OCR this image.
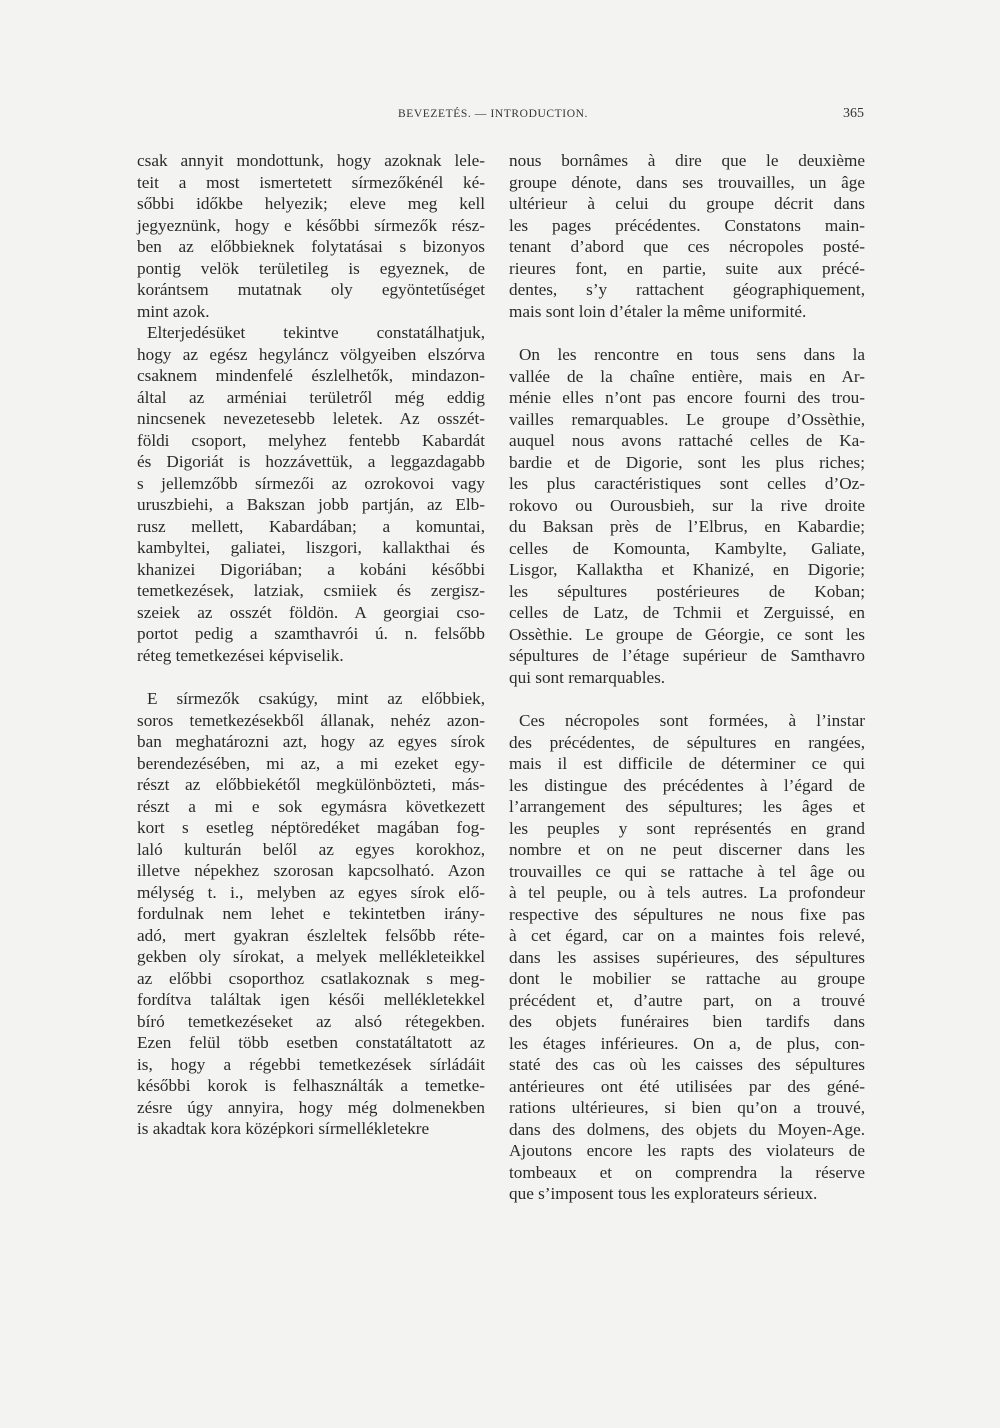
BEVEZETÉS. — INTRODUCTION.	365
csak annyit mondottunk, hogy azoknak lele-
teit a most ismertetett sírmezőkénél ké-
sőbbi időkbe helyezik; eleve meg kell
jegyeznünk, hogy e későbbi sírmezők rész-
ben az előbbieknek folytatásai s bizonyos
pontig velök területileg is egyeznek, de
korántsem mutatnak oly egyöntetűséget
mint azok.
Elterjedésüket tekintve constatálhatjuk,
hogy az egész hegyláncz völgyeiben elszórva
csaknem mindenfelé észlelhetők, mindazon-
által az arméniai területről még eddig
nincsenek nevezetesebb leletek. Az osszét-
földi csoport, melyhez fentebb Kabardát
és Digoriát is hozzávettük, a leggazdagabb
s jellemzőbb sírmezői az ozrokovoi vagy
uruszbiehi, a Bakszan jobb partján, az Elb-
rusz mellett, Kabardában; a komuntai,
kambyltei, galiatei, liszgori, kallakthai és
khanizei Digoriában; a kobáni későbbi
temetkezések, latziak, csmiiek és zergisz-
szeiek az osszét földön. A georgiai cso-
portot pedig a szamthavrói ú. n. felsőbb
réteg temetkezései képviselik.
E sírmezők csakúgy, mint az előbbiek,
soros temetkezésekből állanak, nehéz azon-
ban meghatározni azt, hogy az egyes sírok
berendezésében, mi az, a mi ezeket egy-
részt az előbbiekétől megkülönbözteti, más-
részt a mi e sok egymásra következett
kort s esetleg néptöredéket magában fog-
laló kulturán belől az egyes korokhoz,
illetve népekhez szorosan kapcsolható. Azon
mélység t. i., melyben az egyes sírok elő-
fordulnak nem lehet e tekintetben irány-
adó, mert gyakran észleltek felsőbb réte-
gekben oly sírokat, a melyek mellékleteikkel
az előbbi csoporthoz csatlakoznak s meg-
fordítva találtak igen késői mellékletekkel
bíró temetkezéseket az alsó rétegekben.
Ezen felül több esetben constatáltatott az
is, hogy a régebbi temetkezések sírládáit
későbbi korok is felhasználták a temetke-
zésre úgy annyira, hogy még dolmenekben
is akadtak kora középkori sírmellékletekre
nous bornâmes à dire que le deuxième
groupe dénote, dans ses trouvailles, un âge
ultérieur à celui du groupe décrit dans
les pages précédentes. Constatons main-
tenant d’abord que ces nécropoles posté-
rieures font, en partie, suite aux précé-
dentes, s’y rattachent géographiquement,
mais sont loin d’étaler la même uniformité.
On les rencontre en tous sens dans la
vallée de la chaîne entière, mais en Ar-
ménie elles n’ont pas encore fourni des trou-
vailles remarquables. Le groupe d’Ossèthie,
auquel nous avons rattaché celles de Ka-
bardie et de Digorie, sont les plus riches;
les plus caractéristiques sont celles d’Oz-
rokovo ou Ourousbieh, sur la rive droite
du Baksan près de l’Elbrus, en Kabardie;
celles de Komounta, Kambylte, Galiate,
Lisgor, Kallaktha et Khanizé, en Digorie;
les sépultures postérieures de Koban;
celles de Latz, de Tchmii et Zerguissé, en
Ossèthie. Le groupe de Géorgie, ce sont les
sépultures de l’étage supérieur de Samthavro
qui sont remarquables.
Ces nécropoles sont formées, à l’instar
des précédentes, de sépultures en rangées,
mais il est difficile de déterminer ce qui
les distingue des précédentes à l’égard de
l’arrangement des sépultures; les âges et
les peuples y sont représentés en grand
nombre et on ne peut discerner dans les
trouvailles ce qui se rattache à tel âge ou
à tel peuple, ou à tels autres. La profondeur
respective des sépultures ne nous fixe pas
à cet égard, car on a maintes fois relevé,
dans les assises supérieures, des sépultures
dont le mobilier se rattache au groupe
précédent et, d’autre part, on a trouvé
des objets funéraires bien tardifs dans
les étages inférieures. On a, de plus, con-
staté des cas où les caisses des sépultures
antérieures ont été utilisées par des géné-
rations ultérieures, si bien qu’on a trouvé,
dans des dolmens, des objets du Moyen-Age.
Ajoutons encore les rapts des violateurs de
tombeaux et on comprendra la réserve
que s’imposent tous les explorateurs sérieux.
